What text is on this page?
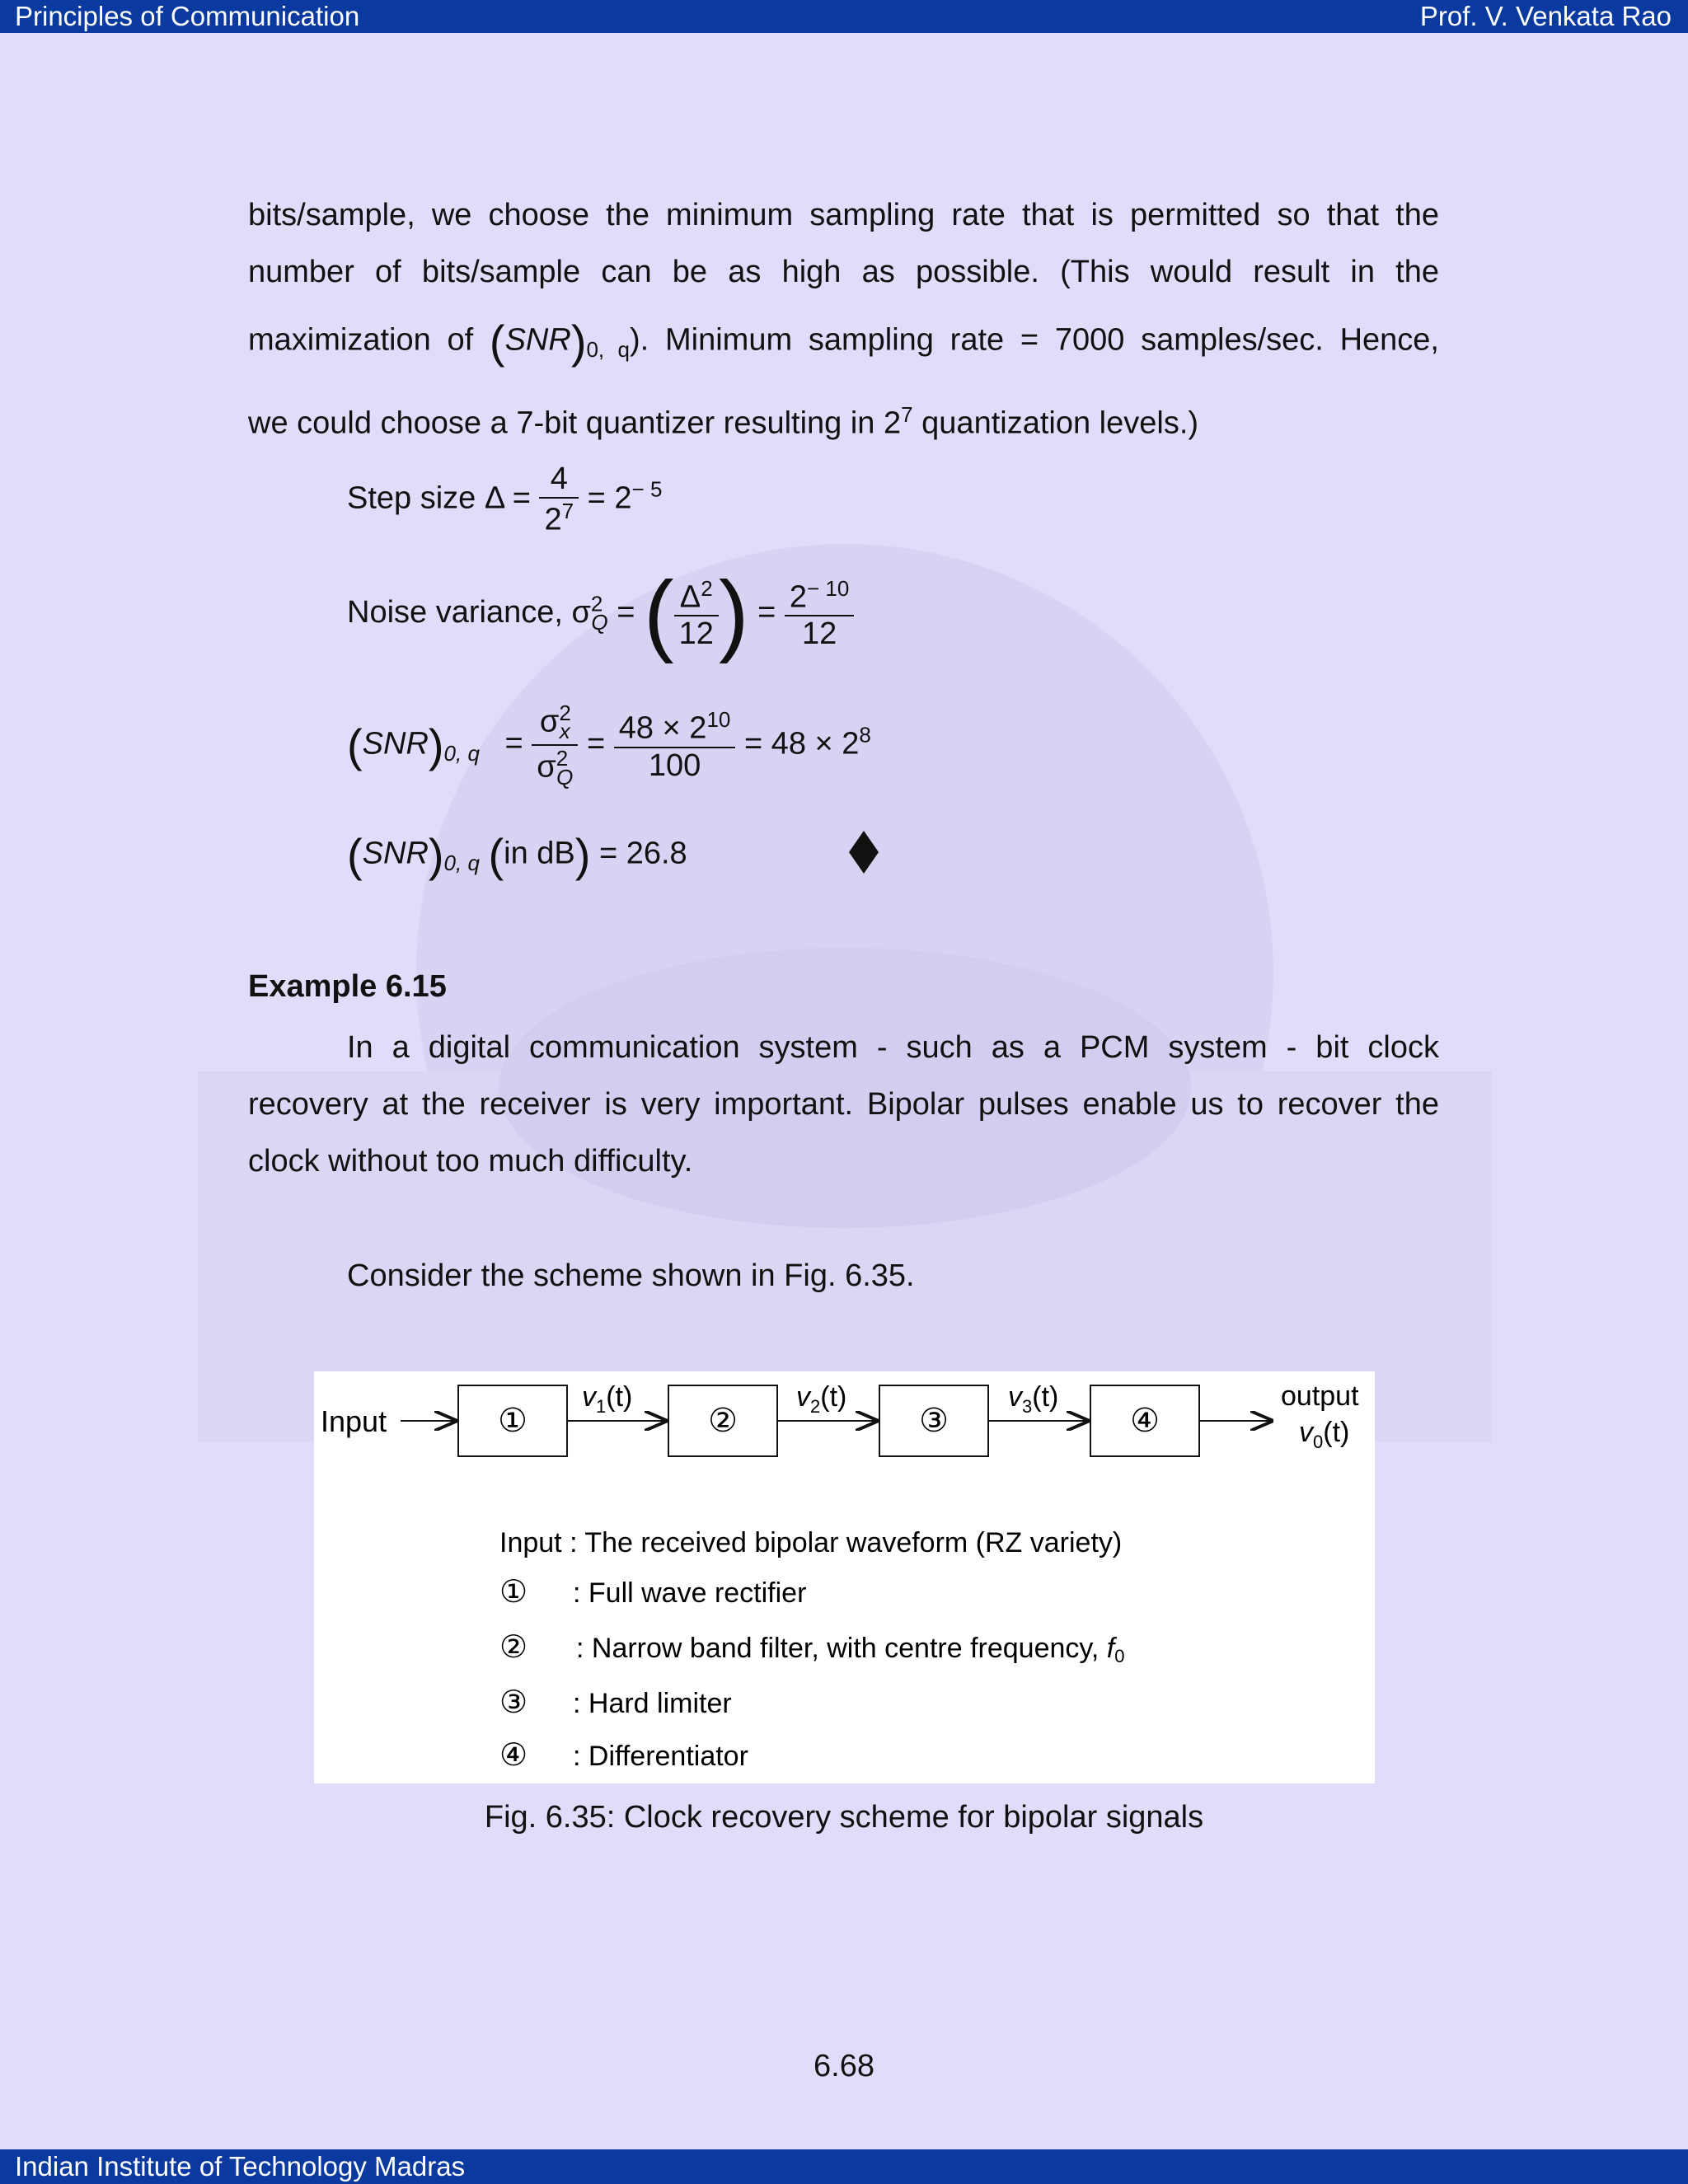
Principles of Communication	Prof. V. Venkata Rao
bits/sample, we choose the minimum sampling rate that is permitted so that the
number of bits/sample can be as high as possible. (This would result in the
maximization of $(SNR)_{0, q}$). Minimum sampling rate = 7000 samples/sec. Hence,
we could choose a 7-bit quantizer resulting in $2^7$ quantization levels.)
Step size $\Delta = \frac{4}{2^7} = 2^{- 5}$
Noise variance, $\sigma^2_Q$ = ( $\frac{\Delta^2}{12}$ ) = $\frac{2^{- 10}}{12}$
$(SNR)_{0, q} = \frac{\sigma^2_x}{\sigma^2_Q} = \frac{48 \times 2^{10}}{100} = 48 \times 2^8$
$(SNR)_{0, q}$ (in dB) = 26.8
Example 6.15
In a digital communication system - such as a PCM system - bit clock
recovery at the receiver is very important. Bipolar pulses enable us to recover the
clock without too much difficulty.
Consider the scheme shown in Fig. 6.35.
Input	①
$v_1(t)$
②
$v_2(t)$
③
$v_3(t)$
④
output
$v_0(t)$
Input : The received bipolar waveform (RZ variety)
① : Full wave rectifier
② : Narrow band filter, with centre frequency, f0
③ : Hard limiter
④ : Differentiator
Fig. 6.35: Clock recovery scheme for bipolar signals
6.68
Indian Institute of Technology Madras
